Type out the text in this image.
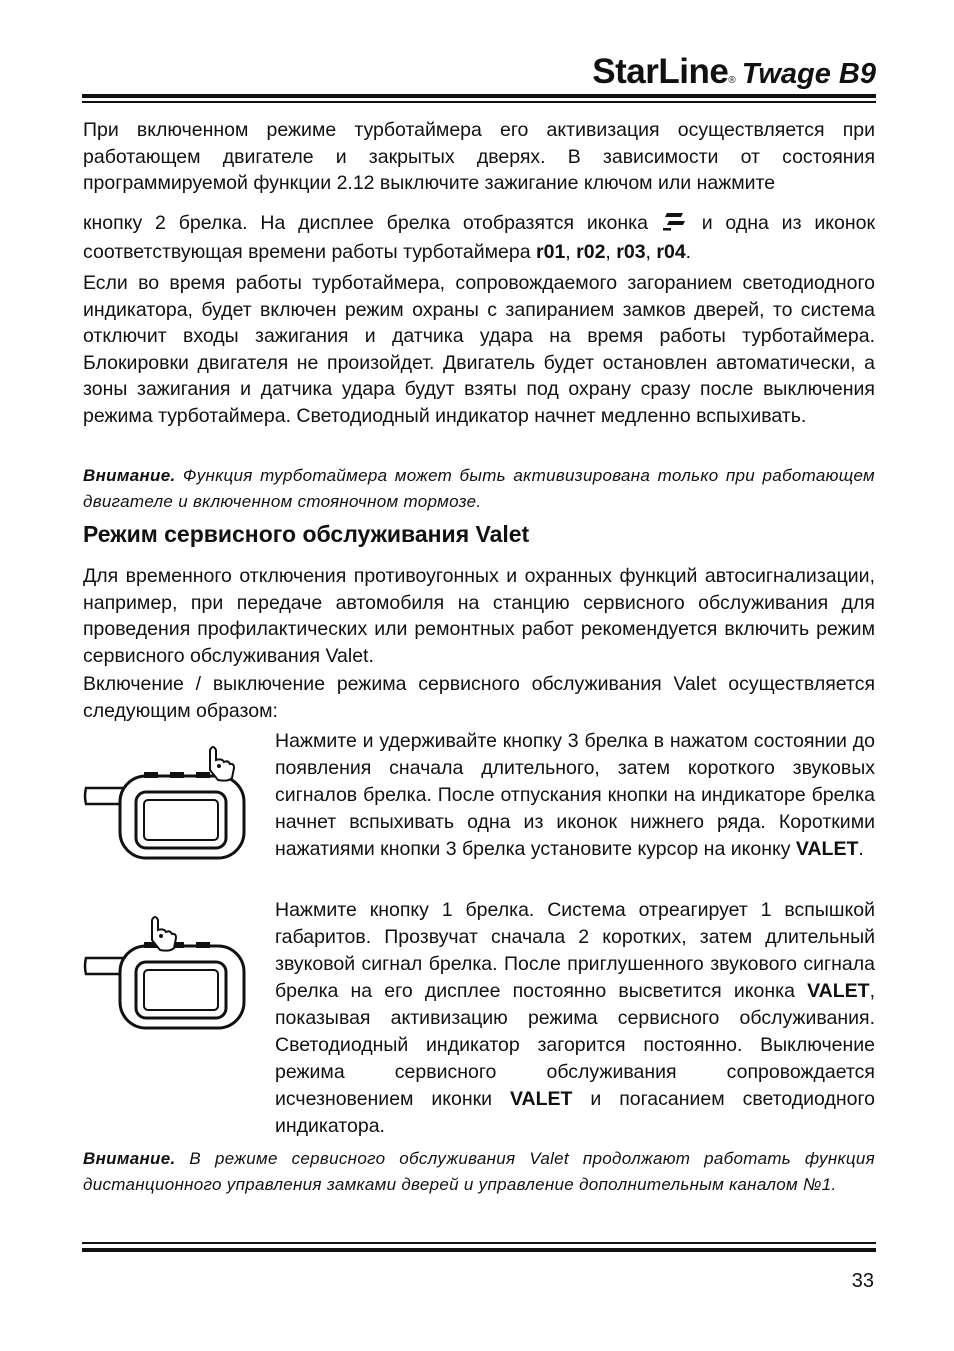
StarLine ® Twage B9
При включенном режиме турботаймера его активизация осуществляется при работающем двигателе и закрытых дверях. В зависимости от состояния программируемой функции 2.12 выключите зажигание ключом или нажмите
кнопку 2 брелка. На дисплее брелка отобразятся иконка	и одна из иконок соответствующая времени работы турботаймера r01, r02, r03, r04.
Если во время работы турботаймера, сопровождаемого загоранием светодиодного индикатора, будет включен режим охраны с запиранием замков дверей, то система отключит входы зажигания и датчика удара на время работы турботаймера. Блокировки двигателя не произойдет. Двигатель будет остановлен автоматически, а зоны зажигания и датчика удара будут взяты под охрану сразу после выключения режима турботаймера. Светодиодный индикатор начнет медленно вспыхивать.
Внимание. Функция турботаймера может быть активизирована только при работающем двигателе и включенном стояночном тормозе.
Режим сервисного обслуживания Valet
Для временного отключения противоугонных и охранных функций автосигнализации, например, при передаче автомобиля на станцию сервисного обслуживания для проведения профилактических или ремонтных работ рекомендуется включить режим сервисного обслуживания Valet.
Включение / выключение режима сервисного обслуживания Valet осуществляется следующим образом:
Нажмите и удерживайте кнопку 3 брелка в нажатом состоянии до появления сначала длительного, затем короткого звуковых сигналов брелка. После отпускания кнопки на индикаторе брелка начнет вспыхивать одна из иконок нижнего ряда. Короткими нажатиями кнопки 3 брелка установите курсор на иконку VALET.
Нажмите кнопку 1 брелка. Система отреагирует 1 вспышкой габаритов. Прозвучат сначала 2 коротких, затем длительный звуковой сигнал брелка. После приглушенного звукового сигнала брелка на его дисплее постоянно высветится иконка VALET, показывая активизацию режима сервисного обслуживания. Светодиодный индикатор загорится постоянно. Выключение режима сервисного обслуживания сопровождается исчезновением иконки VALET и погасанием светодиодного индикатора.
Внимание. В режиме сервисного обслуживания Valet продолжают работать функция дистанционного управления замками дверей и управление дополнительным каналом №1.
33
